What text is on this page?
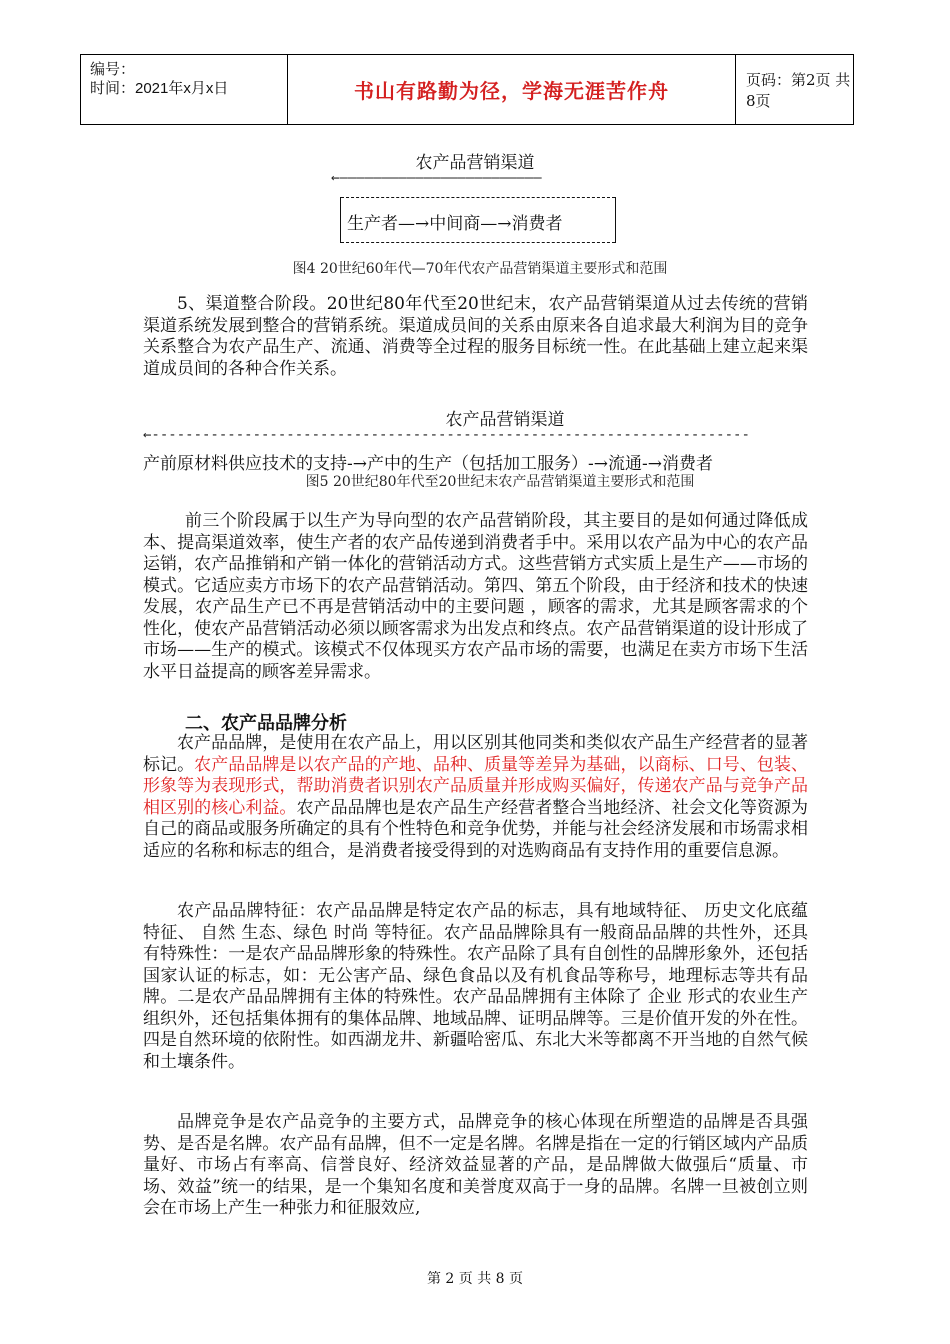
编号：
时间：2021年x月x日	书山有路勤为径，学海无涯苦作舟	页码：第2页 共8页
农产品营销渠道
←————————————————————————
生产者—→中间商—→消费者
图4 20世纪60年代—70年代农产品营销渠道主要形式和范围
5、渠道整合阶段。20世纪80年代至20世纪末，农产品营销渠道从过去传统的营销渠道系统发展到整合的营销系统。渠道成员间的关系由原来各自追求最大利润为目的竞争关系整合为农产品生产、流通、消费等全过程的服务目标统一性。在此基础上建立起来渠道成员间的各种合作关系。
农产品营销渠道
←-----------------------------------------------------------------------
产前原材料供应技术的支持-→产中的生产（包括加工服务）-→流通-→消费者
图5 20世纪80年代至20世纪末农产品营销渠道主要形式和范围
前三个阶段属于以生产为导向型的农产品营销阶段，其主要目的是如何通过降低成本、提高渠道效率，使生产者的农产品传递到消费者手中。采用以农产品为中心的农产品运销，农产品推销和产销一体化的营销活动方式。这些营销方式实质上是生产——市场的模式。它适应卖方市场下的农产品营销活动。第四、第五个阶段，由于经济和技术的快速发展，农产品生产已不再是营销活动中的主要问题 ，顾客的需求，尤其是顾客需求的个性化，使农产品营销活动必须以顾客需求为出发点和终点。农产品营销渠道的设计形成了市场——生产的模式。该模式不仅体现买方农产品市场的需要，也满足在卖方市场下生活水平日益提高的顾客差异需求。
二、农产品品牌分析
农产品品牌，是使用在农产品上，用以区别其他同类和类似农产品生产经营者的显著标记。农产品品牌是以农产品的产地、品种、质量等差异为基础，以商标、口号、包装、形象等为表现形式，帮助消费者识别农产品质量并形成购买偏好，传递农产品与竞争产品相区别的核心利益。农产品品牌也是农产品生产经营者整合当地经济、社会文化等资源为自己的商品或服务所确定的具有个性特色和竞争优势，并能与社会经济发展和市场需求相适应的名称和标志的组合，是消费者接受得到的对选购商品有支持作用的重要信息源。
农产品品牌特征：农产品品牌是特定农产品的标志，具有地域特征、 历史文化底蕴特征、 自然 生态、绿色 时尚 等特征。农产品品牌除具有一般商品品牌的共性外，还具有特殊性：一是农产品品牌形象的特殊性。农产品除了具有自创性的品牌形象外，还包括国家认证的标志，如：无公害产品、绿色食品以及有机食品等称号，地理标志等共有品牌。二是农产品品牌拥有主体的特殊性。农产品品牌拥有主体除了 企业 形式的农业生产组织外，还包括集体拥有的集体品牌、地域品牌、证明品牌等。三是价值开发的外在性。四是自然环境的依附性。如西湖龙井、新疆哈密瓜、东北大米等都离不开当地的自然气候和土壤条件。
品牌竞争是农产品竞争的主要方式，品牌竞争的核心体现在所塑造的品牌是否具强势、是否是名牌。农产品有品牌，但不一定是名牌。名牌是指在一定的行销区域内产品质量好、市场占有率高、信誉良好、经济效益显著的产品，是品牌做大做强后“质量、市场、效益”统一的结果，是一个集知名度和美誉度双高于一身的品牌。名牌一旦被创立则会在市场上产生一种张力和征服效应,
第 2 页 共 8 页
